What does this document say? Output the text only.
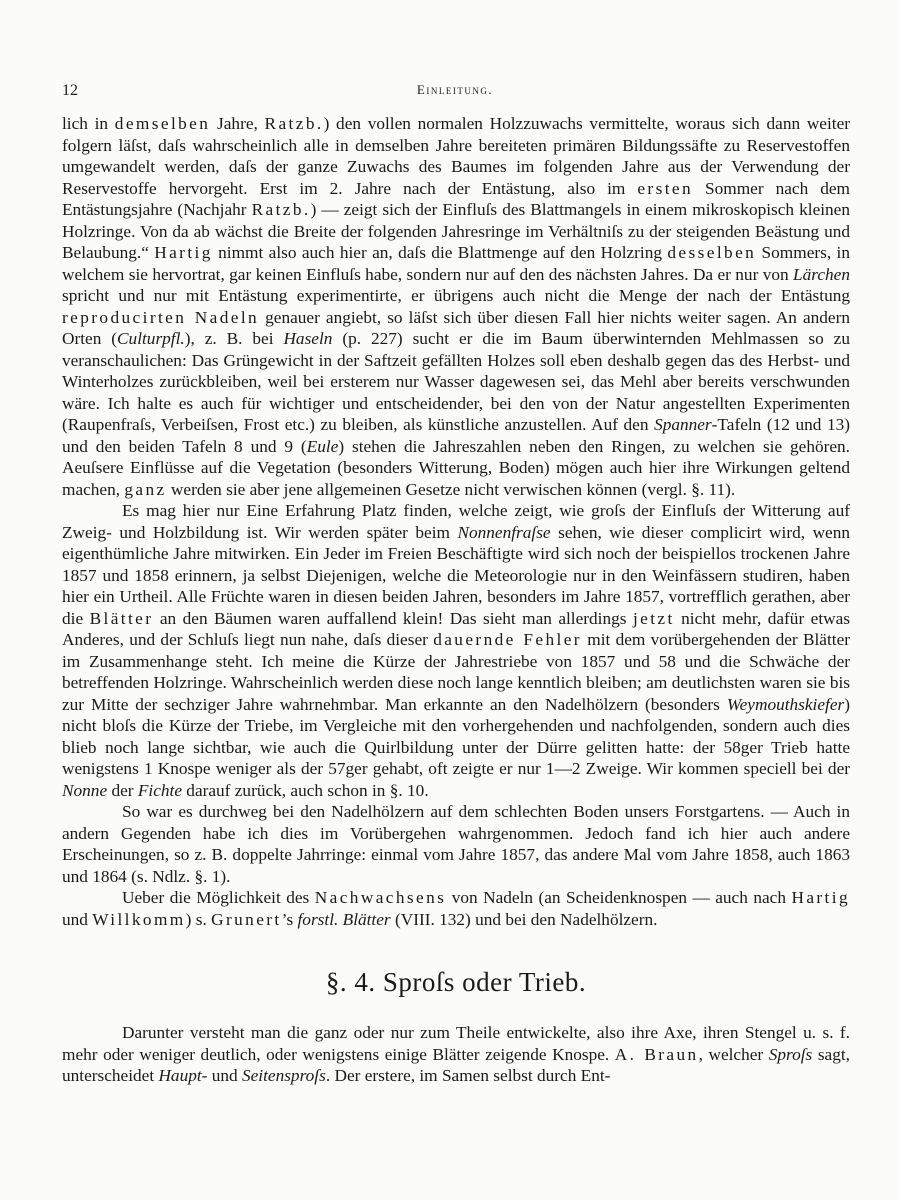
12	Einleitung.

lich in demselben Jahre, Ratzb.) den vollen normalen Holzzuwachs vermittelte, woraus sich dann weiter folgern läſst, daſs wahrscheinlich alle in demselben Jahre bereiteten primären Bildungssäfte zu Reservestoffen umgewandelt werden, daſs der ganze Zuwachs des Baumes im folgenden Jahre aus der Verwendung der Reservestoffe hervorgeht. Erst im 2. Jahre nach der Entästung, also im ersten Sommer nach dem Entästungsjahre (Nachjahr Ratzb.) — zeigt sich der Einfluſs des Blattmangels in einem mikroskopisch kleinen Holzringe. Von da ab wächst die Breite der folgenden Jahresringe im Verhältniſs zu der steigenden Beästung und Belaubung.“ Hartig nimmt also auch hier an, daſs die Blattmenge auf den Holzring desselben Sommers, in welchem sie hervortrat, gar keinen Einfluſs habe, sondern nur auf den des nächsten Jahres. Da er nur von Lärchen spricht und nur mit Entästung experimentirte, er übrigens auch nicht die Menge der nach der Entästung reproducirten Nadeln genauer angiebt, so läſst sich über diesen Fall hier nichts weiter sagen. An andern Orten (Culturpfl.), z. B. bei Haseln (p. 227) sucht er die im Baum überwinternden Mehlmassen so zu veranschaulichen: Das Grüngewicht in der Saftzeit gefällten Holzes soll eben deshalb gegen das des Herbst- und Winterholzes zurückbleiben, weil bei ersterem nur Wasser dagewesen sei, das Mehl aber bereits verschwunden wäre. Ich halte es auch für wichtiger und entscheidender, bei den von der Natur angestellten Experimenten (Raupenfraſs, Verbeiſsen, Frost etc.) zu bleiben, als künstliche anzustellen. Auf den Spanner-Tafeln (12 und 13) und den beiden Tafeln 8 und 9 (Eule) stehen die Jahreszahlen neben den Ringen, zu welchen sie gehören. Aeuſsere Einflüsse auf die Vegetation (besonders Witterung, Boden) mögen auch hier ihre Wirkungen geltend machen, ganz werden sie aber jene allgemeinen Gesetze nicht verwischen können (vergl. §. 11).

Es mag hier nur Eine Erfahrung Platz finden, welche zeigt, wie groſs der Einfluſs der Witterung auf Zweig- und Holzbildung ist. Wir werden später beim Nonnenfraſse sehen, wie dieser complicirt wird, wenn eigenthümliche Jahre mitwirken. Ein Jeder im Freien Beschäftigte wird sich noch der beispiellos trockenen Jahre 1857 und 1858 erinnern, ja selbst Diejenigen, welche die Meteorologie nur in den Weinfässern studiren, haben hier ein Urtheil. Alle Früchte waren in diesen beiden Jahren, besonders im Jahre 1857, vortrefflich gerathen, aber die Blätter an den Bäumen waren auffallend klein! Das sieht man allerdings jetzt nicht mehr, dafür etwas Anderes, und der Schluſs liegt nun nahe, daſs dieser dauernde Fehler mit dem vorübergehenden der Blätter im Zusammenhange steht. Ich meine die Kürze der Jahrestriebe von 1857 und 58 und die Schwäche der betreffenden Holzringe. Wahrscheinlich werden diese noch lange kenntlich bleiben; am deutlichsten waren sie bis zur Mitte der sechziger Jahre wahrnehmbar. Man erkannte an den Nadelhölzern (besonders Weymouthskiefer) nicht bloſs die Kürze der Triebe, im Vergleiche mit den vorhergehenden und nachfolgenden, sondern auch dies blieb noch lange sichtbar, wie auch die Quirlbildung unter der Dürre gelitten hatte: der 58ger Trieb hatte wenigstens 1 Knospe weniger als der 57ger gehabt, oft zeigte er nur 1—2 Zweige. Wir kommen speciell bei der Nonne der Fichte darauf zurück, auch schon in §. 10.

So war es durchweg bei den Nadelhölzern auf dem schlechten Boden unsers Forstgartens. — Auch in andern Gegenden habe ich dies im Vorübergehen wahrgenommen. Jedoch fand ich hier auch andere Erscheinungen, so z. B. doppelte Jahrringe: einmal vom Jahre 1857, das andere Mal vom Jahre 1858, auch 1863 und 1864 (s. Ndlz. §. 1).

Ueber die Möglichkeit des Nachwachsens von Nadeln (an Scheidenknospen — auch nach Hartig und Willkomm) s. Grunert’s forstl. Blätter (VIII. 132) und bei den Nadelhölzern.

§. 4. Sproſs oder Trieb.

Darunter versteht man die ganz oder nur zum Theile entwickelte, also ihre Axe, ihren Stengel u. s. f. mehr oder weniger deutlich, oder wenigstens einige Blätter zeigende Knospe. A. Braun, welcher Sproſs sagt, unterscheidet Haupt- und Seitensproſs. Der erstere, im Samen selbst durch Ent-
